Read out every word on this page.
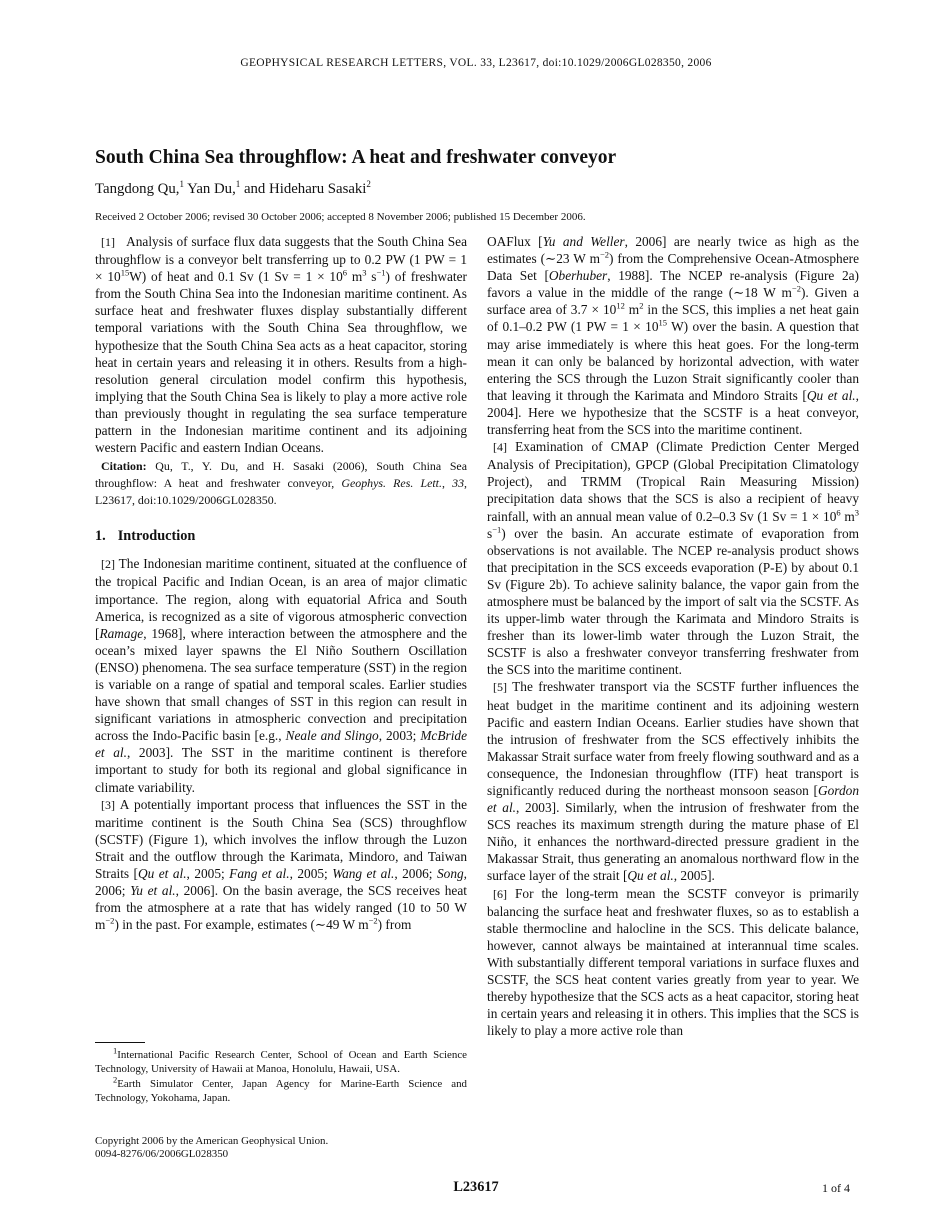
GEOPHYSICAL RESEARCH LETTERS, VOL. 33, L23617, doi:10.1029/2006GL028350, 2006
South China Sea throughflow: A heat and freshwater conveyor
Tangdong Qu,$^1$ Yan Du,$^1$ and Hideharu Sasaki$^2$
Received 2 October 2006; revised 30 October 2006; accepted 8 November 2006; published 15 December 2006.

[1] Analysis of surface flux data suggests that the South China Sea throughflow is a conveyor belt transferring up to 0.2 PW (1 PW = $1 \times 10^{15}W$) of heat and 0.1 Sv (1 $Sv = 1 \times 10^6$ $m^3$ $s^{-1}$) of freshwater from the South China Sea into the Indonesian maritime continent. As surface heat and freshwater fluxes display substantially different temporal variations with the South China Sea throughflow, we hypothesize that the South China Sea acts as a heat capacitor, storing heat in certain years and releasing it in others. Results from a high-resolution general circulation model confirm this hypothesis, implying that the South China Sea is likely to play a more active role than previously thought in regulating the sea surface temperature pattern in the Indonesian maritime continent and its adjoining western Pacific and eastern Indian Oceans.

Citation: Qu, T., Y. Du, and H. Sasaki (2006), South China Sea throughflow: A heat and freshwater conveyor, Geophys. Res. Lett., 33, L23617, doi:10.1029/2006GL028350.

1. Introduction

[2] The Indonesian maritime continent, situated at the confluence of the tropical Pacific and Indian Ocean, is an area of major climatic importance. The region, along with equatorial Africa and South America, is recognized as a site of vigorous atmospheric convection [Ramage, 1968], where interaction between the atmosphere and the ocean’s mixed layer spawns the El Niño Southern Oscillation (ENSO) phenomena. The sea surface temperature (SST) in the region is variable on a range of spatial and temporal scales. Earlier studies have shown that small changes of SST in this region can result in significant variations in atmospheric convection and precipitation across the Indo-Pacific basin [e.g., Neale and Slingo, 2003; McBride et al., 2003]. The SST in the maritime continent is therefore important to study for both its regional and global significance in climate variability.

[3] A potentially important process that influences the SST in the maritime continent is the South China Sea (SCS) throughflow (SCSTF) (Figure 1), which involves the inflow through the Luzon Strait and the outflow through the Karimata, Mindoro, and Taiwan Straits [Qu et al., 2005; Fang et al., 2005; Wang et al., 2006; Song, 2006; Yu et al., 2006]. On the basin average, the SCS receives heat from the atmosphere at a rate that has widely ranged (10 to 50 W $m^{-2}$) in the past. For example, estimates (∼49 W $m^{-2}$) from

$^1$International Pacific Research Center, School of Ocean and Earth Science Technology, University of Hawaii at Manoa, Honolulu, Hawaii, USA.

$^2$Earth Simulator Center, Japan Agency for Marine-Earth Science and Technology, Yokohama, Japan.

Copyright 2006 by the American Geophysical Union.
0094-8276/06/2006GL028350

OAFlux [Yu and Weller, 2006] are nearly twice as high as the estimates (∼23 W $m^{-2}$) from the Comprehensive Ocean-Atmosphere Data Set [Oberhuber, 1988]. The NCEP re-analysis (Figure 2a) favors a value in the middle of the range (∼18 W $m^{-2}$). Given a surface area of $3.7 \times 10^{12}$ $m^2$ in the SCS, this implies a net heat gain of 0.1–0.2 PW (1 PW = $1 \times 10^{15}$ W) over the basin. A question that may arise immediately is where this heat goes. For the long-term mean it can only be balanced by horizontal advection, with water entering the SCS through the Luzon Strait significantly cooler than that leaving it through the Karimata and Mindoro Straits [Qu et al., 2004]. Here we hypothesize that the SCSTF is a heat conveyor, transferring heat from the SCS into the maritime continent.

[4] Examination of CMAP (Climate Prediction Center Merged Analysis of Precipitation), GPCP (Global Precipitation Climatology Project), and TRMM (Tropical Rain Measuring Mission) precipitation data shows that the SCS is also a recipient of heavy rainfall, with an annual mean value of 0.2–0.3 Sv (1 $Sv = 1 \times 10^6$ $m^3$ $s^{-1}$) over the basin. An accurate estimate of evaporation from observations is not available. The NCEP re-analysis product shows that precipitation in the SCS exceeds evaporation (P-E) by about 0.1 Sv (Figure 2b). To achieve salinity balance, the vapor gain from the atmosphere must be balanced by the import of salt via the SCSTF. As its upper-limb water through the Karimata and Mindoro Straits is fresher than its lower-limb water through the Luzon Strait, the SCSTF is also a freshwater conveyor transferring freshwater from the SCS into the maritime continent.

[5] The freshwater transport via the SCSTF further influences the heat budget in the maritime continent and its adjoining western Pacific and eastern Indian Oceans. Earlier studies have shown that the intrusion of freshwater from the SCS effectively inhibits the Makassar Strait surface water from freely flowing southward and as a consequence, the Indonesian throughflow (ITF) heat transport is significantly reduced during the northeast monsoon season [Gordon et al., 2003]. Similarly, when the intrusion of freshwater from the SCS reaches its maximum strength during the mature phase of El Niño, it enhances the northward-directed pressure gradient in the Makassar Strait, thus generating an anomalous northward flow in the surface layer of the strait [Qu et al., 2005].

[6] For the long-term mean the SCSTF conveyor is primarily balancing the surface heat and freshwater fluxes, so as to establish a stable thermocline and halocline in the SCS. This delicate balance, however, cannot always be maintained at interannual time scales. With substantially different temporal variations in surface fluxes and SCSTF, the SCS heat content varies greatly from year to year. We thereby hypothesize that the SCS acts as a heat capacitor, storing heat in certain years and releasing it in others. This implies that the SCS is likely to play a more active role than

L23617	1 of 4
